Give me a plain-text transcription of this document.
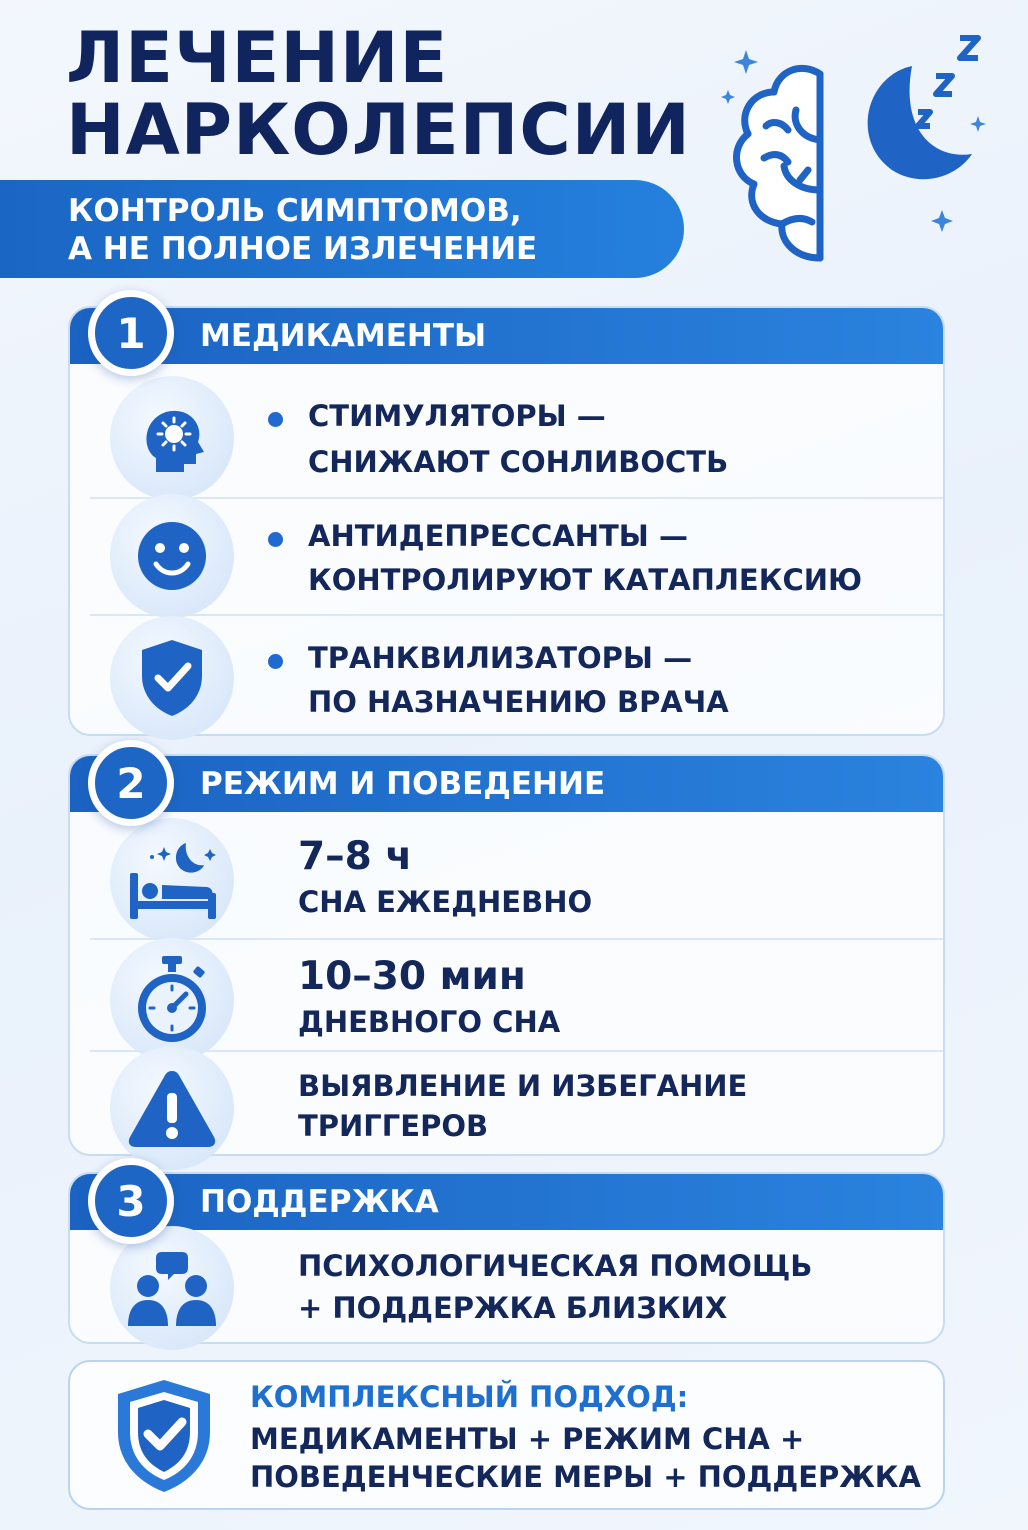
ЛЕЧЕНИЕ
НАРКОЛЕПСИИ
КОНТРОЛЬ СИМПТОМОВ,
А НЕ ПОЛНОЕ ИЗЛЕЧЕНИЕ
МЕДИКАМЕНТЫ
СТИМУЛЯТОРЫ —
СНИЖАЮТ СОНЛИВОСТЬ
АНТИДЕПРЕССАНТЫ —
КОНТРОЛИРУЮТ КАТАПЛЕКСИЮ
ТРАНКВИЛИЗАТОРЫ —
ПО НАЗНАЧЕНИЮ ВРАЧА
1
РЕЖИМ И ПОВЕДЕНИЕ
7–8 ч
СНА ЕЖЕДНЕВНО
10–30 мин
ДНЕВНОГО СНА
ВЫЯВЛЕНИЕ И ИЗБЕГАНИЕ
ТРИГГЕРОВ
2
ПОДДЕРЖКА
ПСИХОЛОГИЧЕСКАЯ ПОМОЩЬ
+ ПОДДЕРЖКА БЛИЗКИХ
3
КОМПЛЕКСНЫЙ ПОДХОД:
МЕДИКАМЕНТЫ + РЕЖИМ СНА +
ПОВЕДЕНЧЕСКИЕ МЕРЫ + ПОДДЕРЖКА
